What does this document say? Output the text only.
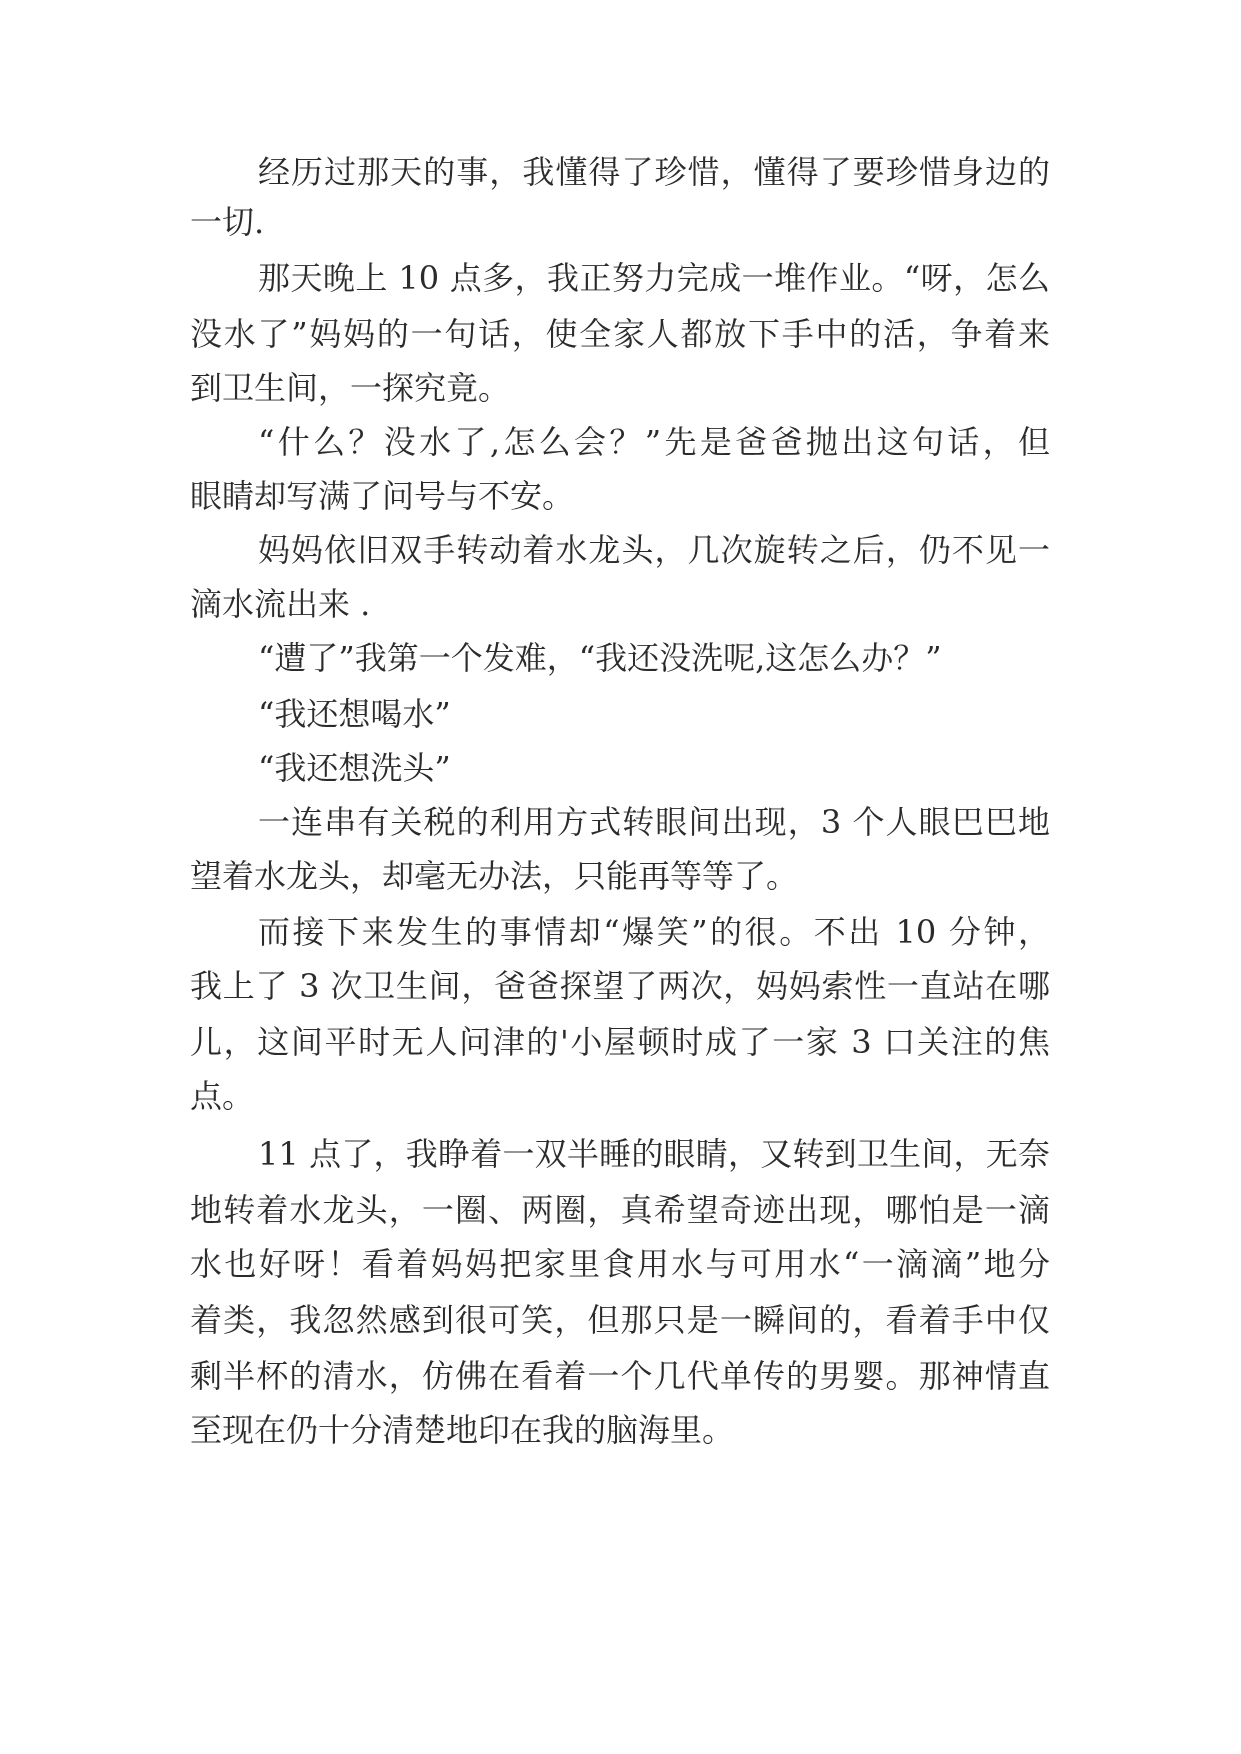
经历过那天的事，我懂得了珍惜，懂得了要珍惜身边的
一切.
那天晚上 10 点多，我正努力完成一堆作业。“呀，怎么
没水了”妈妈的一句话，使全家人都放下手中的活，争着来
到卫生间，一探究竟。
“什么？没水了,怎么会？”先是爸爸抛出这句话，但
眼睛却写满了问号与不安。
妈妈依旧双手转动着水龙头，几次旋转之后，仍不见一
滴水流出来 .
“遭了”我第一个发难，“我还没洗呢,这怎么办？”
“我还想喝水”
“我还想洗头”
一连串有关税的利用方式转眼间出现，3 个人眼巴巴地
望着水龙头，却毫无办法，只能再等等了。
而接下来发生的事情却“爆笑”的很。不出 10 分钟，
我上了 3 次卫生间，爸爸探望了两次，妈妈索性一直站在哪
儿，这间平时无人问津的'小屋顿时成了一家 3 口关注的焦
点。
11 点了，我睁着一双半睡的眼睛，又转到卫生间，无奈
地转着水龙头，一圈、两圈，真希望奇迹出现，哪怕是一滴
水也好呀！看着妈妈把家里食用水与可用水“一滴滴”地分
着类，我忽然感到很可笑，但那只是一瞬间的，看着手中仅
剩半杯的清水，仿佛在看着一个几代单传的男婴。那神情直
至现在仍十分清楚地印在我的脑海里。
